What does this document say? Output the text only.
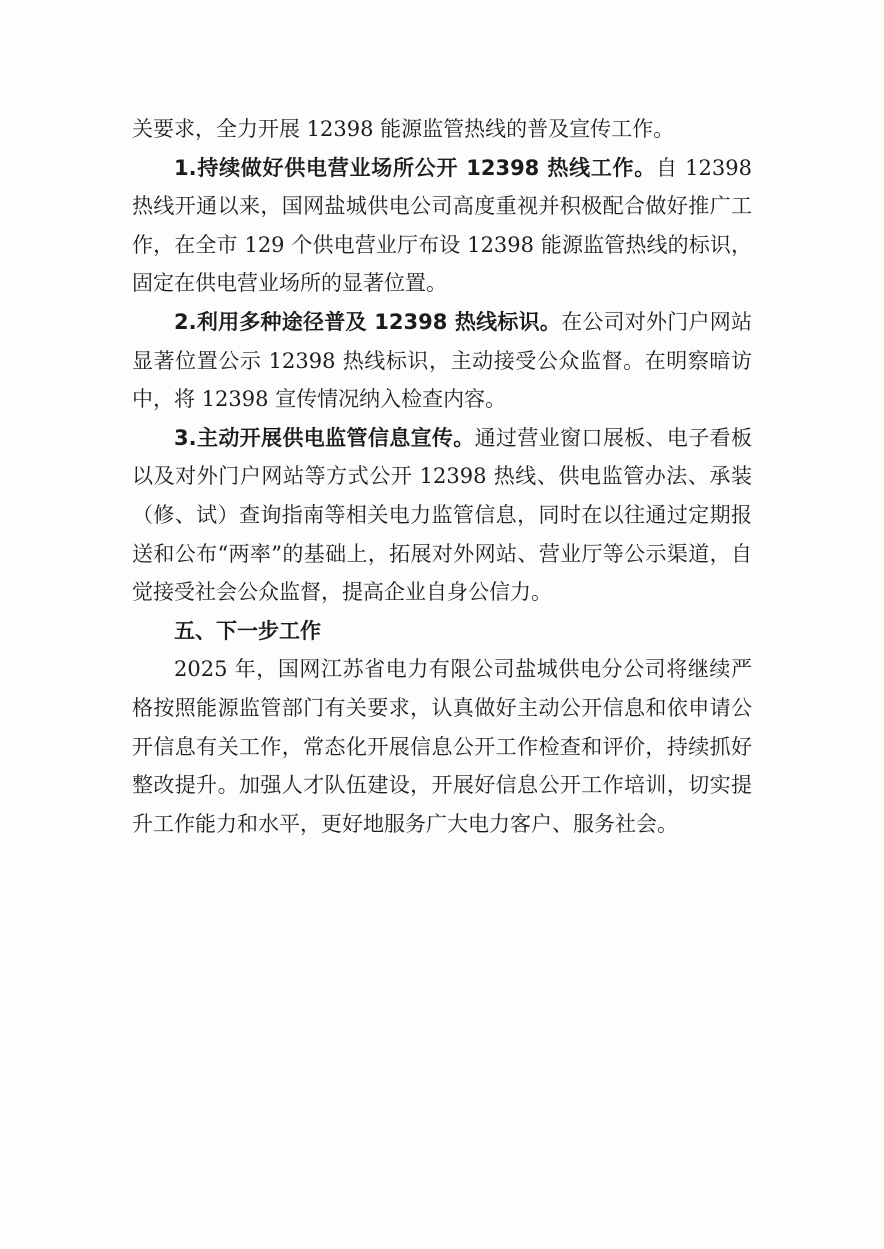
关要求，全力开展 12398 能源监管热线的普及宣传工作。

1.持续做好供电营业场所公开 12398 热线工作。自 12398 热线开通以来，国网盐城供电公司高度重视并积极配合做好推广工作，在全市 129 个供电营业厅布设 12398 能源监管热线的标识，固定在供电营业场所的显著位置。

2.利用多种途径普及 12398 热线标识。在公司对外门户网站显著位置公示 12398 热线标识，主动接受公众监督。在明察暗访中，将 12398 宣传情况纳入检查内容。

3.主动开展供电监管信息宣传。通过营业窗口展板、电子看板以及对外门户网站等方式公开 12398 热线、供电监管办法、承装（修、试）查询指南等相关电力监管信息，同时在以往通过定期报送和公布“两率”的基础上，拓展对外网站、营业厅等公示渠道，自觉接受社会公众监督，提高企业自身公信力。

五、下一步工作

2025 年，国网江苏省电力有限公司盐城供电分公司将继续严格按照能源监管部门有关要求，认真做好主动公开信息和依申请公开信息有关工作，常态化开展信息公开工作检查和评价，持续抓好整改提升。加强人才队伍建设，开展好信息公开工作培训，切实提升工作能力和水平，更好地服务广大电力客户、服务社会。
